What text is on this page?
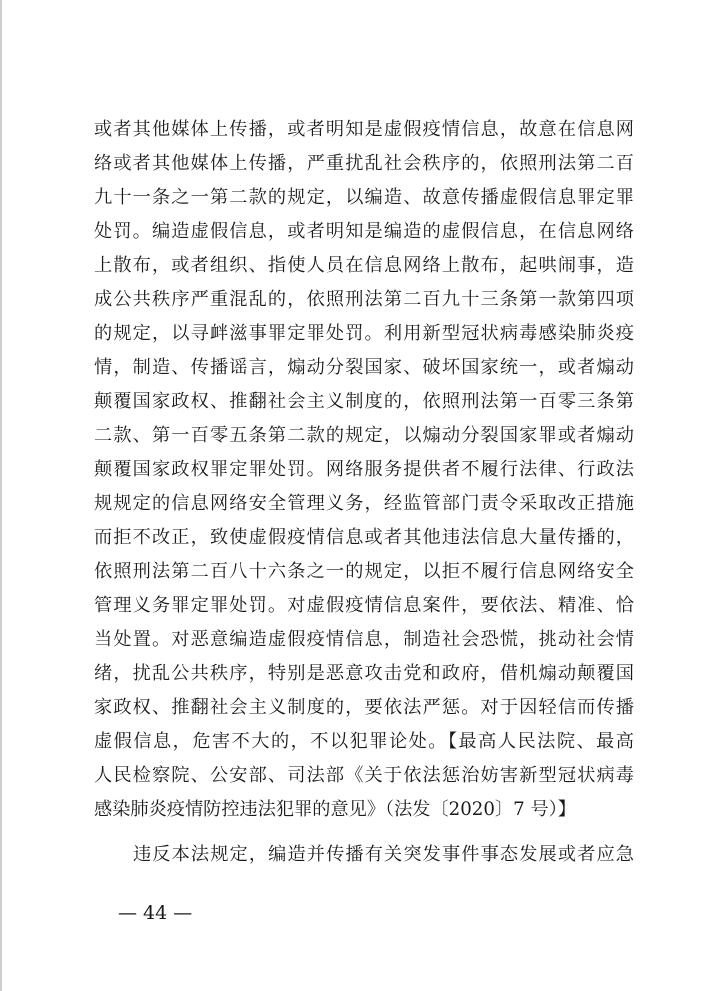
或者其他媒体上传播，或者明知是虚假疫情信息，故意在信息网
络或者其他媒体上传播，严重扰乱社会秩序的，依照刑法第二百
九十一条之一第二款的规定，以编造、故意传播虚假信息罪定罪
处罚。编造虚假信息，或者明知是编造的虚假信息，在信息网络
上散布，或者组织、指使人员在信息网络上散布，起哄闹事，造
成公共秩序严重混乱的，依照刑法第二百九十三条第一款第四项
的规定，以寻衅滋事罪定罪处罚。利用新型冠状病毒感染肺炎疫
情，制造、传播谣言，煽动分裂国家、破坏国家统一，或者煽动
颠覆国家政权、推翻社会主义制度的，依照刑法第一百零三条第
二款、第一百零五条第二款的规定，以煽动分裂国家罪或者煽动
颠覆国家政权罪定罪处罚。网络服务提供者不履行法律、行政法
规规定的信息网络安全管理义务，经监管部门责令采取改正措施
而拒不改正，致使虚假疫情信息或者其他违法信息大量传播的，
依照刑法第二百八十六条之一的规定，以拒不履行信息网络安全
管理义务罪定罪处罚。对虚假疫情信息案件，要依法、精准、恰
当处置。对恶意编造虚假疫情信息，制造社会恐慌，挑动社会情
绪，扰乱公共秩序，特别是恶意攻击党和政府，借机煽动颠覆国
家政权、推翻社会主义制度的，要依法严惩。对于因轻信而传播
虚假信息，危害不大的，不以犯罪论处。【最高人民法院、最高
人民检察院、公安部、司法部《关于依法惩治妨害新型冠状病毒
感染肺炎疫情防控违法犯罪的意见》（法发〔2020〕7 号）】
违反本法规定，编造并传播有关突发事件事态发展或者应急
— 44 —
